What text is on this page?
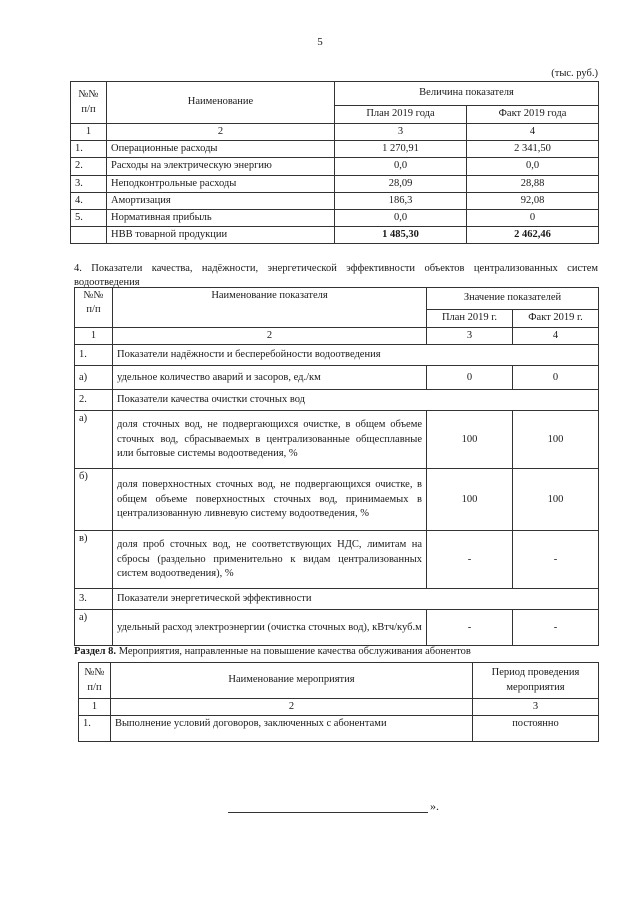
5
(тыс. руб.)
№№ п/п	Наименование	Величина показателя	
		План 2019 года	Факт 2019 года
1	2	3	4
1.	Операционные расходы	1 270,91	2 341,50
2.	Расходы на электрическую энергию	0,0	0,0
3.	Неподконтрольные расходы	28,09	28,88
4.	Амортизация	186,3	92,08
5.	Нормативная прибыль	0,0	0
	НВВ товарной продукции	1 485,30	2 462,46
4. Показатели качества, надёжности, энергетической эффективности объектов централизованных систем водоотведения
№№ п/п	Наименование показателя	Значение показателей	
		План 2019 г.	Факт 2019 г.
1	2	3	4
1.	Показатели надёжности и бесперебойности водоотведения		
а)	удельное количество аварий и засоров, ед./км	0	0
2.	Показатели качества очистки сточных вод		
а)	доля сточных вод, не подвергающихся очистке, в общем объеме сточных вод, сбрасываемых в централизованные общесплавные или бытовые системы водоотведения, %	100	100
б)	доля поверхностных сточных вод, не подвергающихся очистке, в общем объеме поверхностных сточных вод, принимаемых в централизованную ливневую систему водоотведения, %	100	100
в)	доля проб сточных вод, не соответствующих НДС, лимитам на сбросы (раздельно применительно к видам централизованных систем водоотведения), %	-	-
3.	Показатели энергетической эффективности		
а)	удельный расход электроэнергии (очистка сточных вод), кВтч/куб.м	-	-
Раздел 8. Мероприятия, направленные на повышение качества обслуживания абонентов
№№ п/п	Наименование мероприятия	Период проведения мероприятия
1	2	3
1.	Выполнение условий договоров, заключенных с абонентами	постоянно
».
